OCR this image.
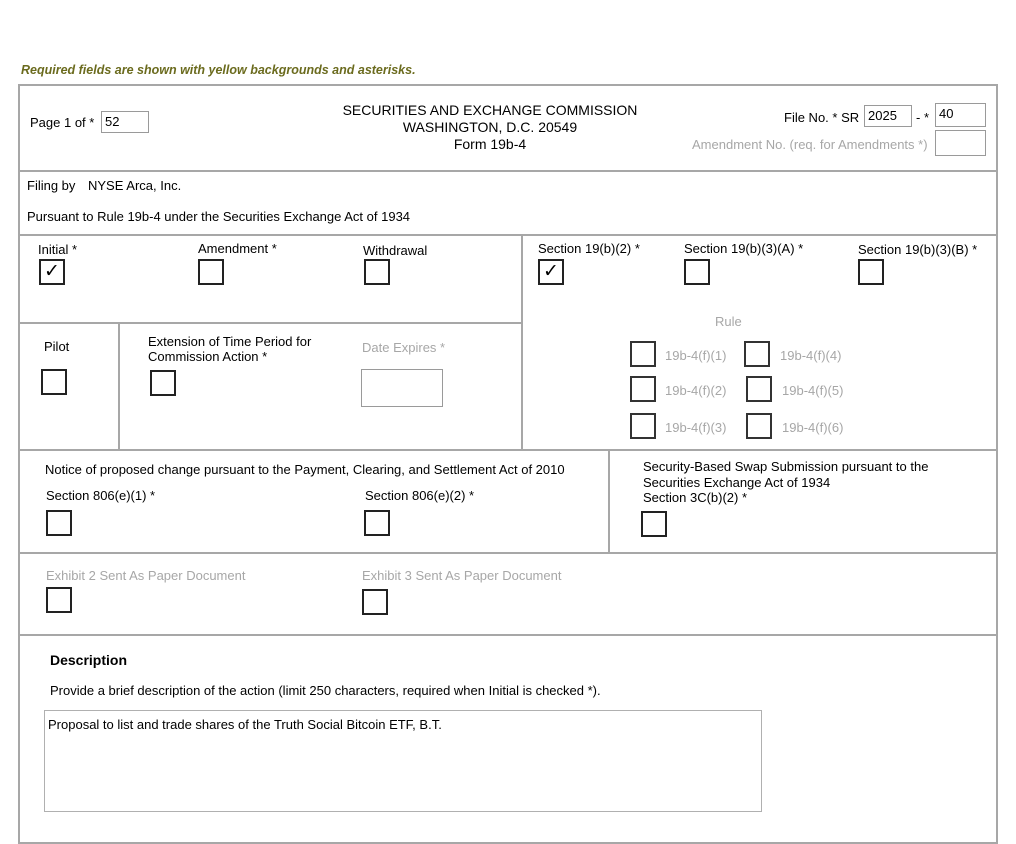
Required fields are shown with yellow backgrounds and asterisks.
Page 1 of * 52
SECURITIES AND EXCHANGE COMMISSION
WASHINGTON, D.C. 20549
Form 19b-4
File No. * SR 2025	- * 40
Amendment No. (req. for Amendments *)
Filing by NYSE Arca, Inc.
Pursuant to Rule 19b-4 under the Securities Exchange Act of 1934
Initial *
✓
Amendment *	Withdrawal
Pilot	Extension of Time Period for
Commission Action *
Date Expires *
Section 19(b)(2) *
✓
Section 19(b)(3)(A) *	Section 19(b)(3)(B) *
Rule
19b-4(f)(1)	19b-4(f)(4)
19b-4(f)(2)	19b-4(f)(5)
19b-4(f)(3)	19b-4(f)(6)
Notice of proposed change pursuant to the Payment, Clearing, and Settlement Act of 2010
Section 806(e)(1) *	Section 806(e)(2) *
Security-Based Swap Submission pursuant to the
Securities Exchange Act of 1934
Section 3C(b)(2) *
Exhibit 2 Sent As Paper Document	Exhibit 3 Sent As Paper Document
Description
Provide a brief description of the action (limit 250 characters, required when Initial is checked *).
Proposal to list and trade shares of the Truth Social Bitcoin ETF, B.T.
